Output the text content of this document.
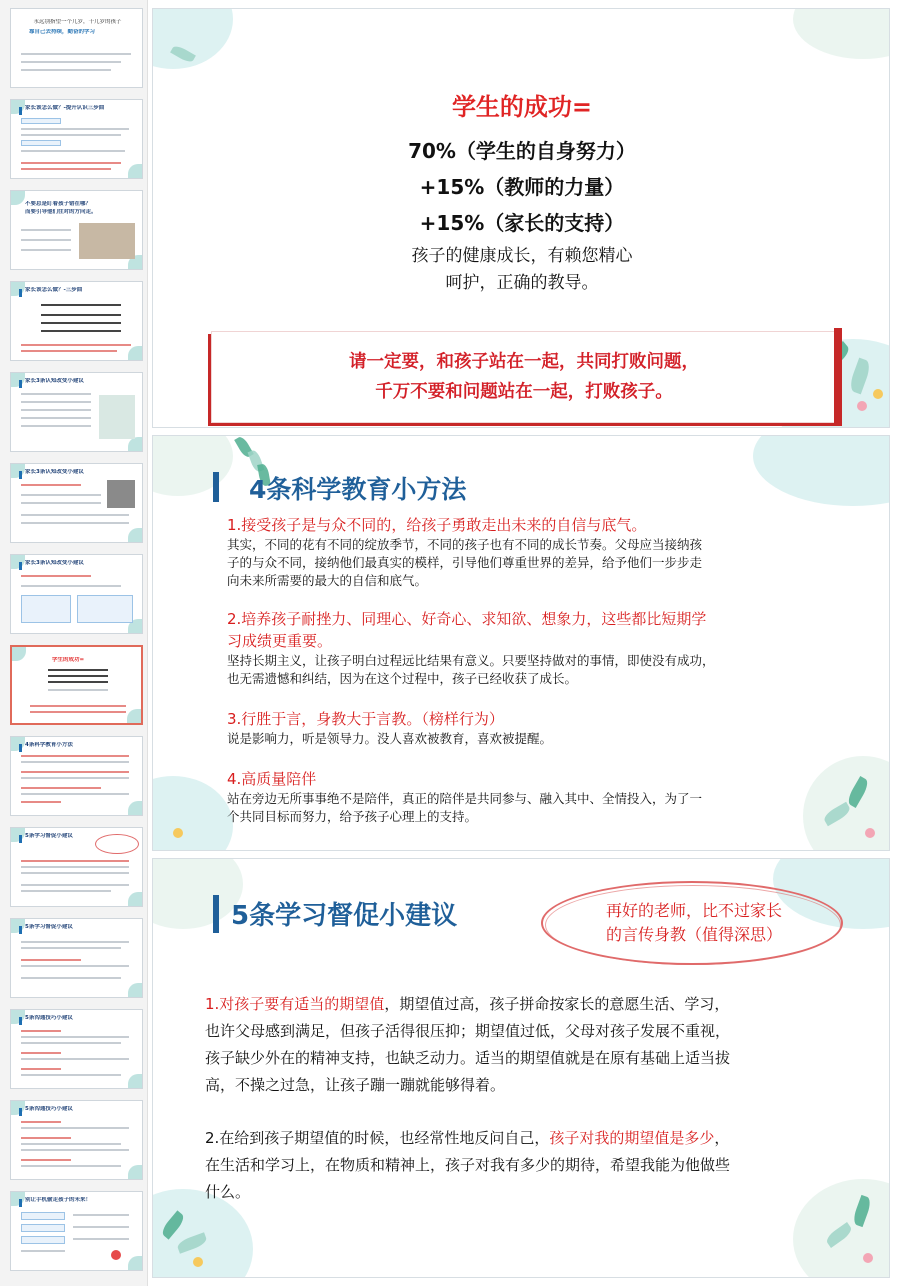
永远别指望一个几岁，十几岁的孩子
靠自己去持续，勤奋的学习
家长该怎么做？-提升认识三步曲
不要总是盯着孩子错在哪？
而要引导他们往对的方向走。
家长该怎么做？-三步曲
家长3条认知改变小建议
家长3条认知改变小建议
家长3条认知改变小建议
学生的成功=
4条科学教育小方法
5条学习督促小建议
5条学习督促小建议
5条沟通技巧小建议
5条沟通技巧小建议
别让手机偷走孩子的未来！
学生的成功=
70%（学生的自身努力）
+15%（教师的力量）
+15%（家长的支持）
孩子的健康成长，有赖您精心
呵护，正确的教导。
请一定要，和孩子站在一起，共同打败问题，
千万不要和问题站在一起，打败孩子。
4条科学教育小方法
1.接受孩子是与众不同的，给孩子勇敢走出未来的自信与底气。
其实，不同的花有不同的绽放季节，不同的孩子也有不同的成长节奏。父母应当接纳孩
子的与众不同，接纳他们最真实的模样，引导他们尊重世界的差异，给予他们一步步走
向未来所需要的最大的自信和底气。
2.培养孩子耐挫力、同理心、好奇心、求知欲、想象力，这些都比短期学
习成绩更重要。
坚持长期主义，让孩子明白过程远比结果有意义。只要坚持做对的事情，即使没有成功，
也无需遗憾和纠结，因为在这个过程中，孩子已经收获了成长。
3.行胜于言，身教大于言教。（榜样行为）
说是影响力，听是领导力。没人喜欢被教育，喜欢被提醒。
4.高质量陪伴
站在旁边无所事事绝不是陪伴，真正的陪伴是共同参与、融入其中、全情投入，为了一
个共同目标而努力，给予孩子心理上的支持。
5条学习督促小建议	再好的老师，比不过家长
的言传身教（值得深思）
1.对孩子要有适当的期望值，期望值过高，孩子拼命按家长的意愿生活、学习，
也许父母感到满足，但孩子活得很压抑；期望值过低，父母对孩子发展不重视，
孩子缺少外在的精神支持，也缺乏动力。适当的期望值就是在原有基础上适当拔
高，不操之过急，让孩子蹦一蹦就能够得着。
2.在给到孩子期望值的时候，也经常性地反问自己，孩子对我的期望值是多少，
在生活和学习上，在物质和精神上，孩子对我有多少的期待，希望我能为他做些
什么。
